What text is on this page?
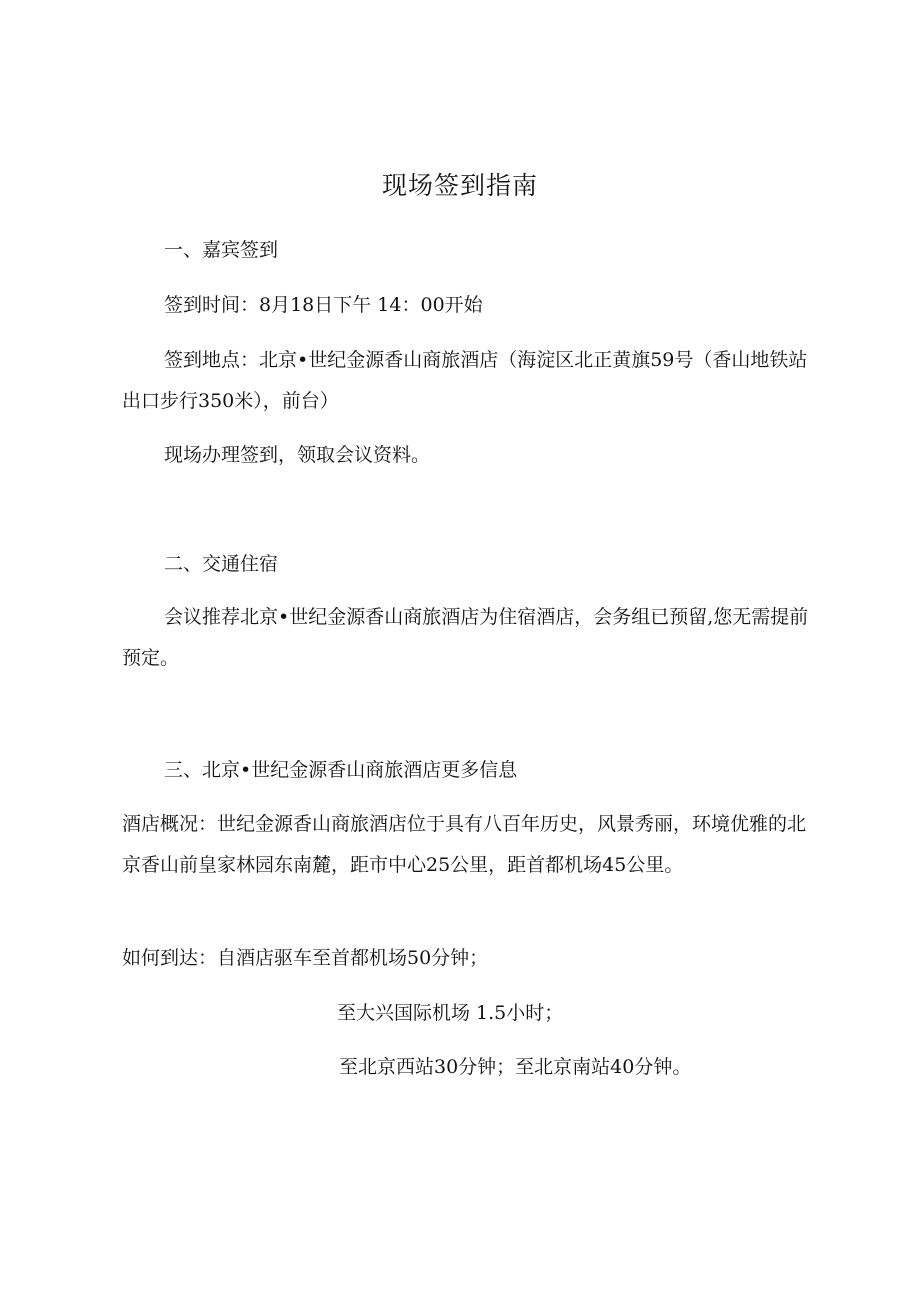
现场签到指南

一、嘉宾签到

签到时间：8月18日下午 14：00开始

签到地点：北京•世纪金源香山商旅酒店（海淀区北正黄旗59号（香山地铁站出口步行350米），前台）

现场办理签到，领取会议资料。

二、交通住宿

会议推荐北京•世纪金源香山商旅酒店为住宿酒店，会务组已预留,您无需提前预定。

三、北京•世纪金源香山商旅酒店更多信息

酒店概况：世纪金源香山商旅酒店位于具有八百年历史，风景秀丽，环境优雅的北京香山前皇家林园东南麓，距市中心25公里，距首都机场45公里。

如何到达：自酒店驱车至首都机场50分钟；

至大兴国际机场 1.5小时；

至北京西站30分钟；至北京南站40分钟。
